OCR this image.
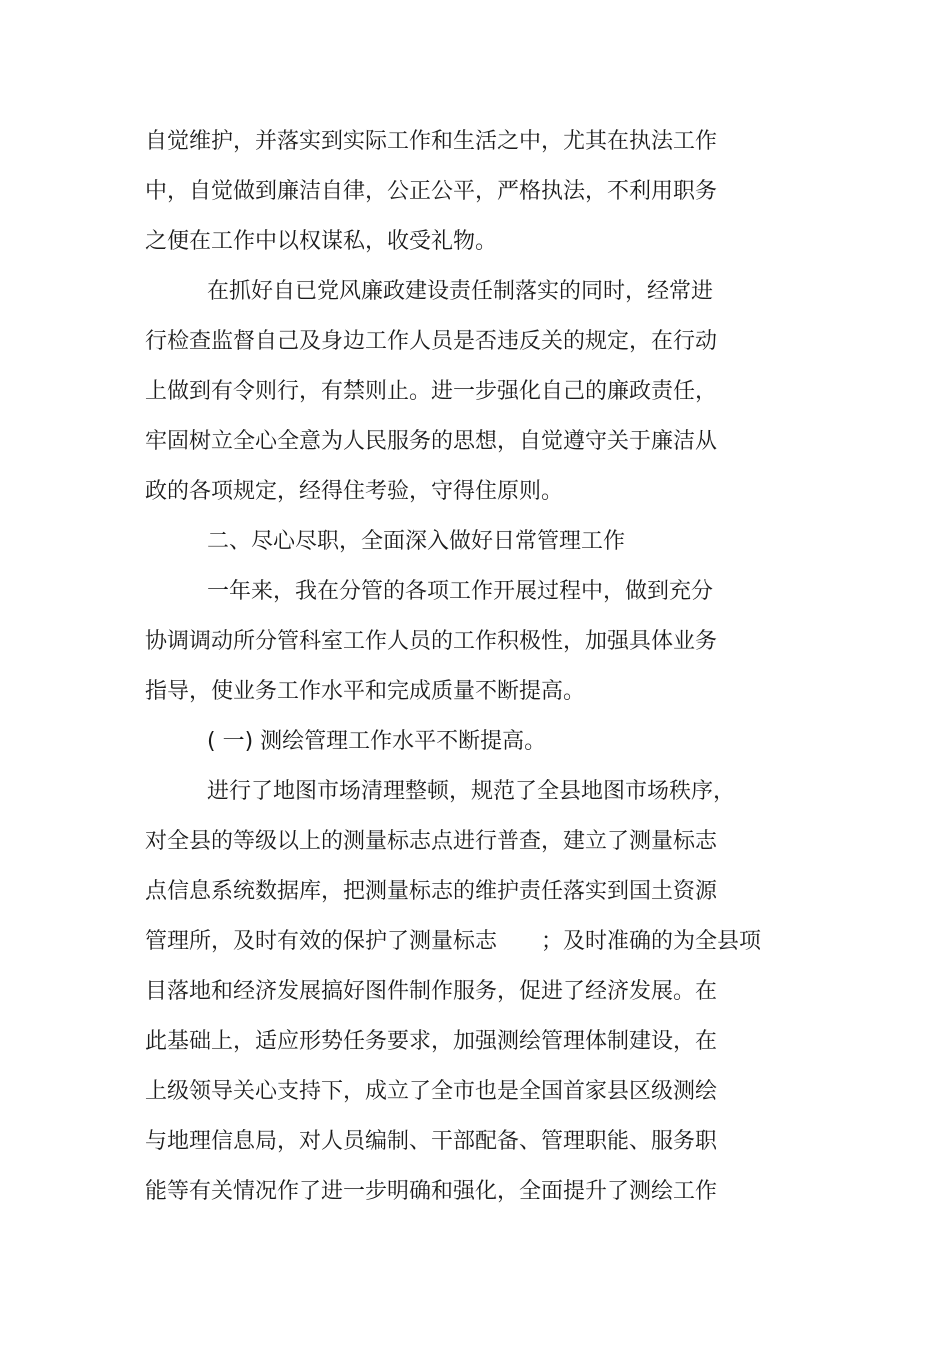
自觉维护，并落实到实际工作和生活之中，尤其在执法工作

中，自觉做到廉洁自律，公正公平，严格执法，不利用职务

之便在工作中以权谋私，收受礼物。

在抓好自已党风廉政建设责任制落实的同时，经常进

行检查监督自己及身边工作人员是否违反关的规定，在行动

上做到有令则行，有禁则止。进一步强化自己的廉政责任，

牢固树立全心全意为人民服务的思想，自觉遵守关于廉洁从

政的各项规定，经得住考验，守得住原则。

二、尽心尽职，全面深入做好日常管理工作

一年来，我在分管的各项工作开展过程中，做到充分

协调调动所分管科室工作人员的工作积极性，加强具体业务

指导，使业务工作水平和完成质量不断提高。

( 一) 测绘管理工作水平不断提高。

进行了地图市场清理整顿，规范了全县地图市场秩序，

对全县的等级以上的测量标志点进行普查，建立了测量标志

点信息系统数据库，把测量标志的维护责任落实到国土资源

管理所，及时有效的保护了测量标志　　；及时准确的为全县项

目落地和经济发展搞好图件制作服务，促进了经济发展。在

此基础上，适应形势任务要求，加强测绘管理体制建设，在

上级领导关心支持下，成立了全市也是全国首家县区级测绘

与地理信息局，对人员编制、干部配备、管理职能、服务职

能等有关情况作了进一步明确和强化，全面提升了测绘工作
